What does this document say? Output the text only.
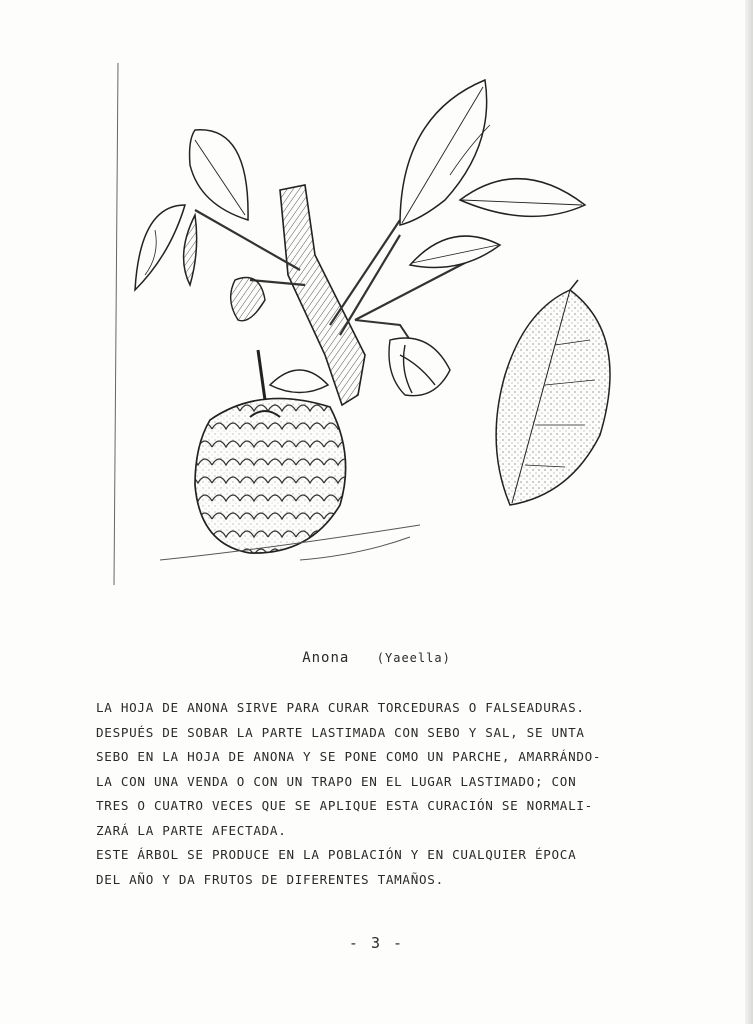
Anona (Yaeella)
LA HOJA DE ANONA SIRVE PARA CURAR TORCEDURAS O FALSEADURAS.
DESPUÉS DE SOBAR LA PARTE LASTIMADA CON SEBO Y SAL, SE UNTA
SEBO EN LA HOJA DE ANONA Y SE PONE COMO UN PARCHE, AMARRÁNDO-
LA CON UNA VENDA O CON UN TRAPO EN EL LUGAR LASTIMADO; CON
TRES O CUATRO VECES QUE SE APLIQUE ESTA CURACIÓN SE NORMALI-
ZARÁ LA PARTE AFECTADA.
ESTE ÁRBOL SE PRODUCE EN LA POBLACIÓN Y EN CUALQUIER ÉPOCA
DEL AÑO Y DA FRUTOS DE DIFERENTES TAMAÑOS.
- 3 -
